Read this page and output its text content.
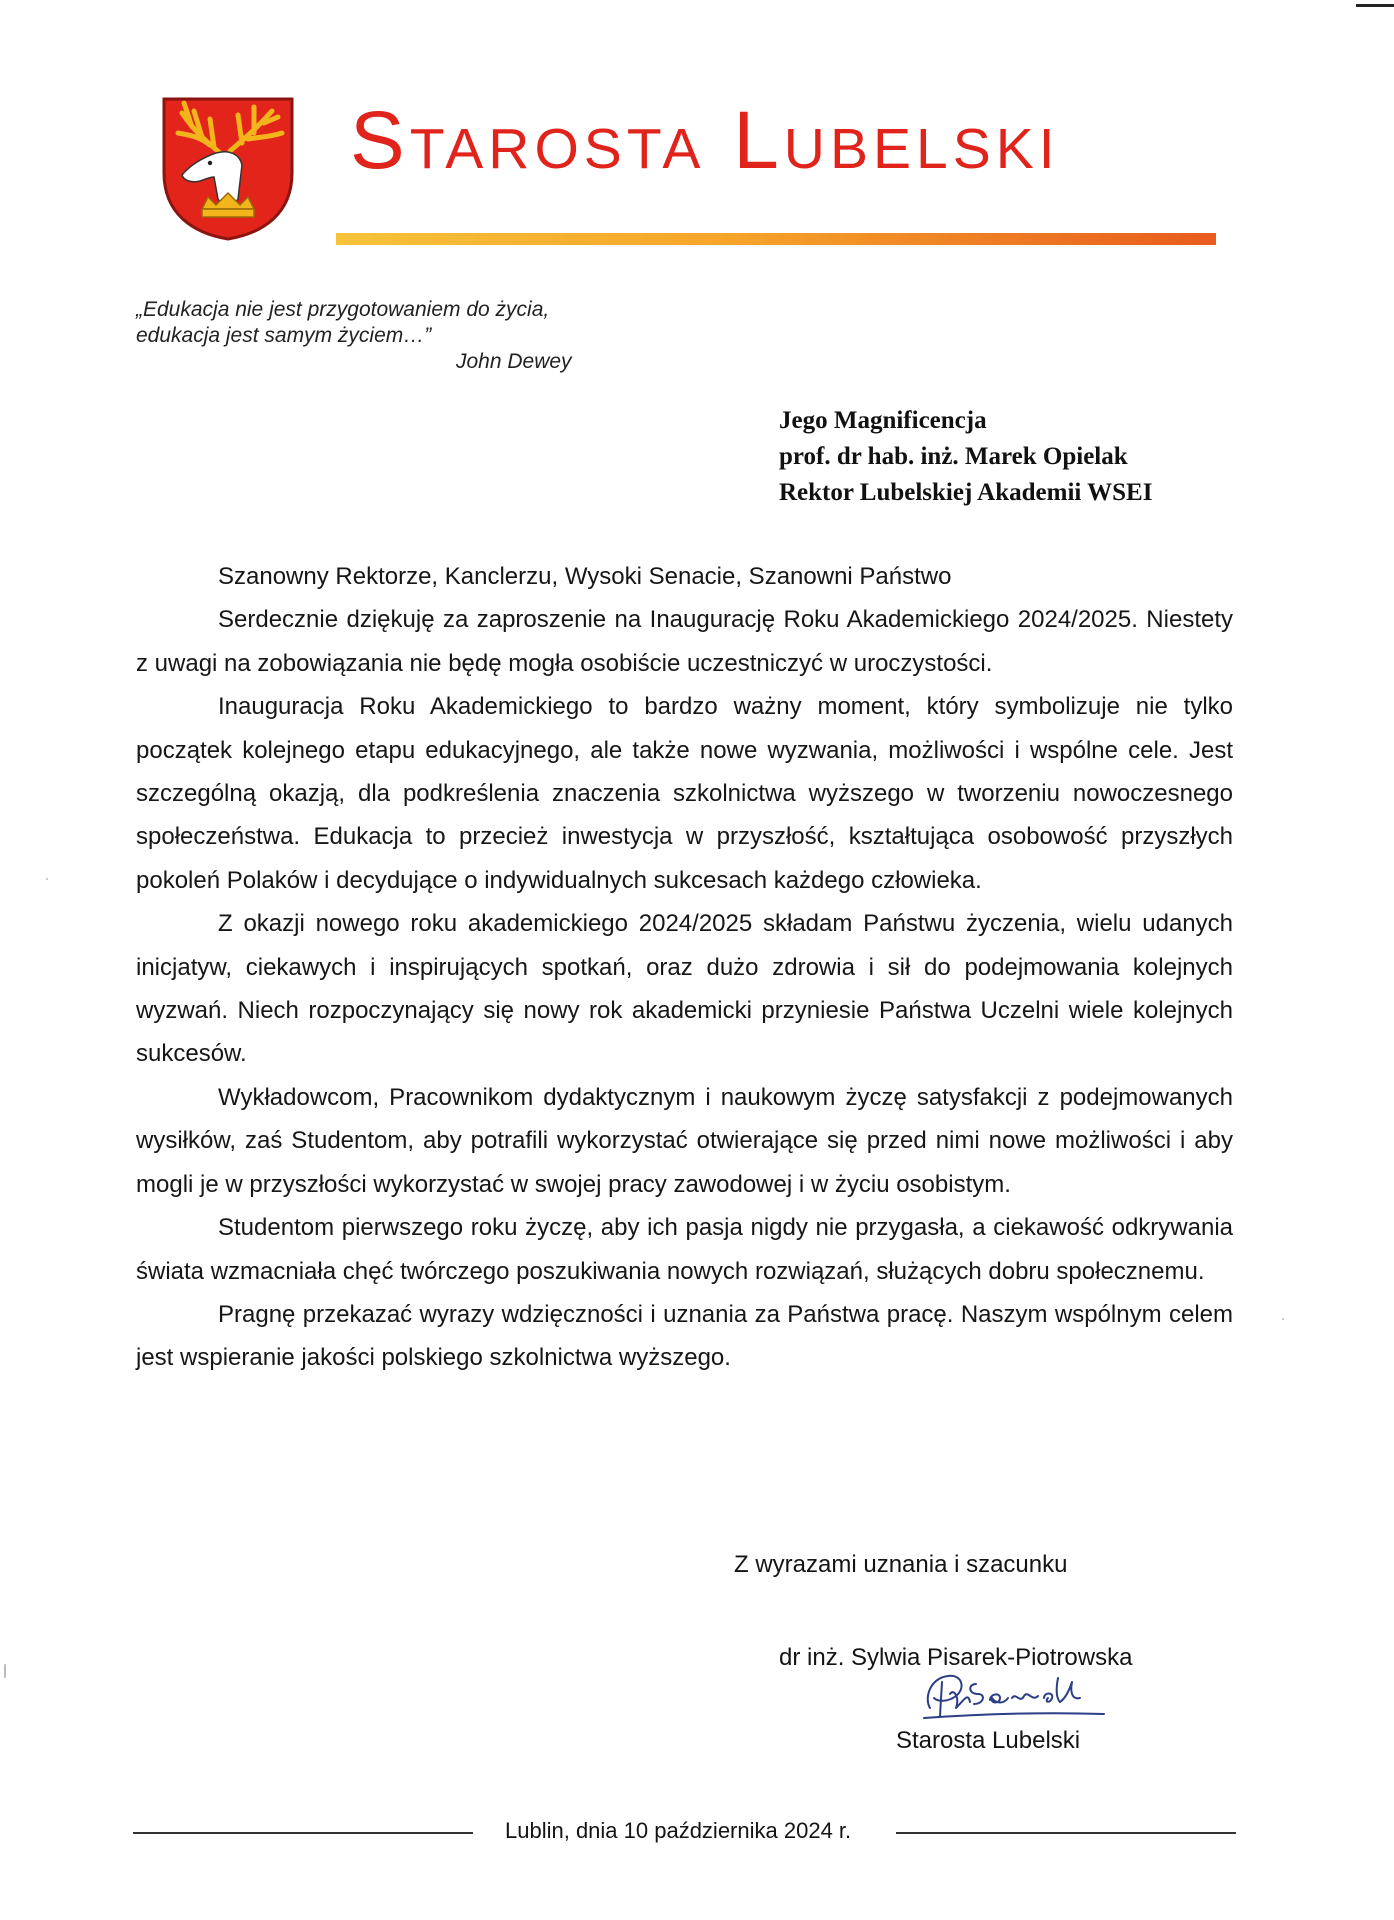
Starosta Lubelski
„Edukacja nie jest przygotowaniem do życia,
edukacja jest samym życiem…”
John Dewey
Jego Magnificencja
prof. dr hab. inż. Marek Opielak
Rektor Lubelskiej Akademii WSEI

Szanowny Rektorze, Kanclerzu, Wysoki Senacie, Szanowni Państwo

Serdecznie dziękuję za zaproszenie na Inaugurację Roku Akademickiego 2024/2025. Niestety z uwagi na zobowiązania nie będę mogła osobiście uczestniczyć w uroczystości.

Inauguracja Roku Akademickiego to bardzo ważny moment, który symbolizuje nie tylko początek kolejnego etapu edukacyjnego, ale także nowe wyzwania, możliwości i wspólne cele. Jest szczególną okazją, dla podkreślenia znaczenia szkolnictwa wyższego w tworzeniu nowoczesnego społeczeństwa. Edukacja to przecież inwestycja w przyszłość, kształtująca osobowość przyszłych pokoleń Polaków i decydujące o indywidualnych sukcesach każdego człowieka.

Z okazji nowego roku akademickiego 2024/2025 składam Państwu życzenia, wielu udanych inicjatyw, ciekawych i inspirujących spotkań, oraz dużo zdrowia i sił do podejmowania kolejnych wyzwań. Niech rozpoczynający się nowy rok akademicki przyniesie Państwa Uczelni wiele kolejnych sukcesów.

Wykładowcom, Pracownikom dydaktycznym i naukowym życzę satysfakcji z podejmowanych wysiłków, zaś Studentom, aby potrafili wykorzystać otwierające się przed nimi nowe możliwości i aby mogli je w przyszłości wykorzystać w swojej pracy zawodowej i w życiu osobistym.

Studentom pierwszego roku życzę, aby ich pasja nigdy nie przygasła, a ciekawość odkrywania świata wzmacniała chęć twórczego poszukiwania nowych rozwiązań, służących dobru społecznemu.

Pragnę przekazać wyrazy wdzięczności i uznania za Państwa pracę. Naszym wspólnym celem jest wspieranie jakości polskiego szkolnictwa wyższego.

Z wyrazami uznania i szacunku
dr inż. Sylwia Pisarek-Piotrowska
Starosta Lubelski
Lublin, dnia 10 października 2024 r.
